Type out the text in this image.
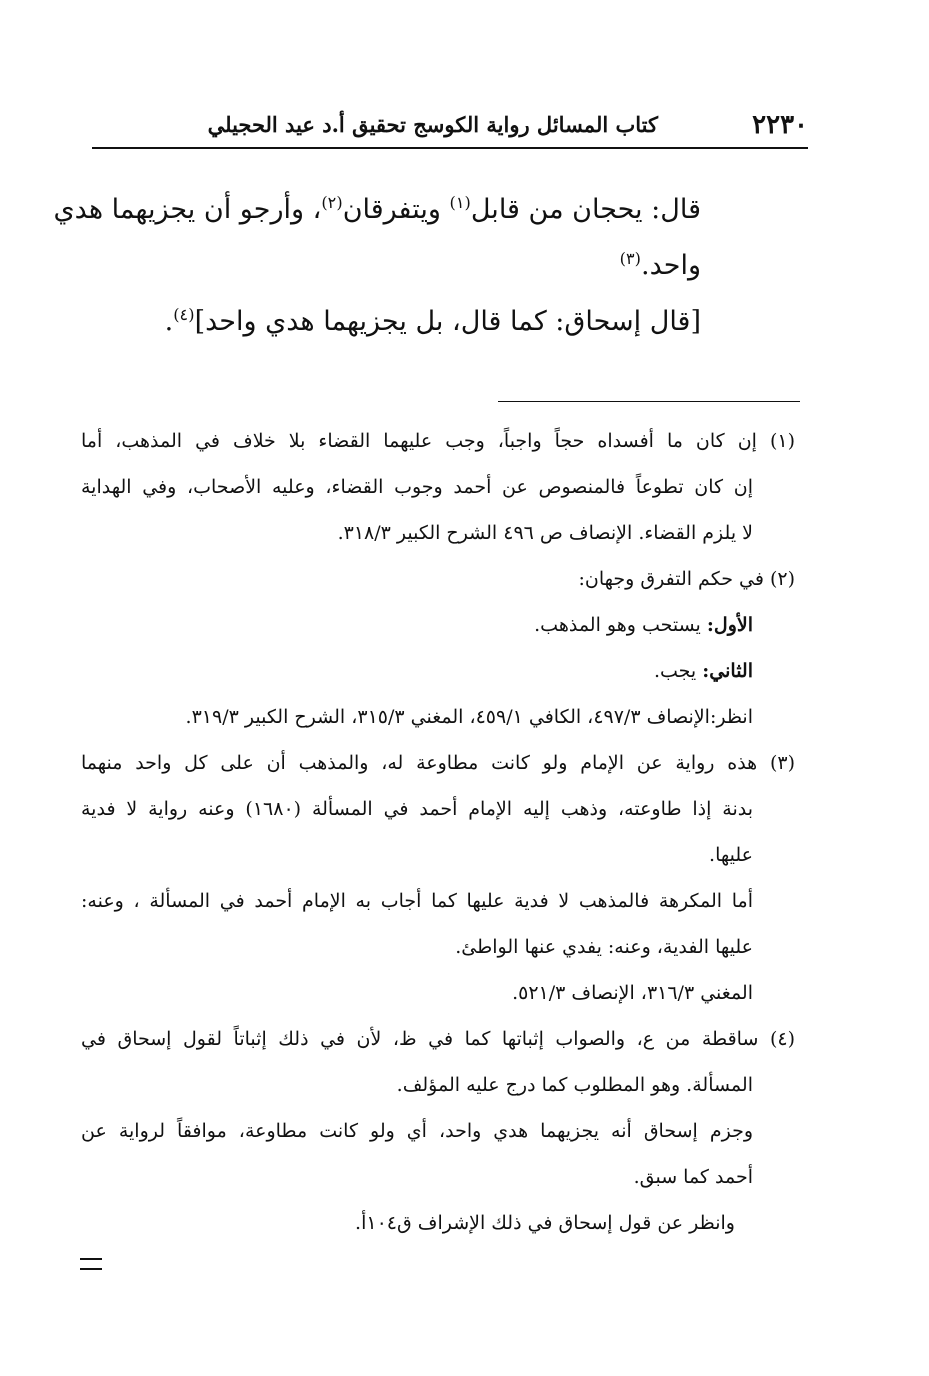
٢٢٣٠
كتاب المسائل رواية الكوسج تحقيق أ.د عيد الحجيلي

قال: يحجان من قابل$^{(١)}$ ويتفرقان$^{(٢)}$، وأرجو أن يجزيهما هدي

واحد.$^{(٣)}$

[قال إسحاق: كما قال، بل يجزيهما هدي واحد]$^{(٤)}$.

(١) إن كان ما أفسداه حجاً واجباً، وجب عليهما القضاء بلا خلاف في المذهب، أما

إن كان تطوعاً فالمنصوص عن أحمد وجوب القضاء، وعليه الأصحاب، وفي الهداية

لا يلزم القضاء. الإنصاف ص ٤٩٦ الشرح الكبير ٣١٨/٣.

(٢) في حكم التفرق وجهان:

الأول: يستحب وهو المذهب.

الثاني: يجب.

انظر:الإنصاف ٤٩٧/٣، الكافي ٤٥٩/١، المغني ٣١٥/٣، الشرح الكبير ٣١٩/٣.

(٣) هذه رواية عن الإمام ولو كانت مطاوعة له، والمذهب أن على كل واحد منهما

بدنة إذا طاوعته، وذهب إليه الإمام أحمد في المسألة (١٦٨٠) وعنه رواية لا فدية

عليها.

أما المكرهة فالمذهب لا فدية عليها كما أجاب به الإمام أحمد في المسألة ، وعنه:

عليها الفدية، وعنه: يفدي عنها الواطئ.

المغني ٣١٦/٣، الإنصاف ٥٢١/٣.

(٤) ساقطة من ع، والصواب إثباتها كما في ظ، لأن في ذلك إثباتاً لقول إسحاق في

المسألة. وهو المطلوب كما درج عليه المؤلف.

وجزم إسحاق أنه يجزيهما هدي واحد، أي ولو كانت مطاوعة، موافقاً لرواية عن

أحمد كما سبق.

وانظر عن قول إسحاق في ذلك الإشراف ق١٠٤أ.
